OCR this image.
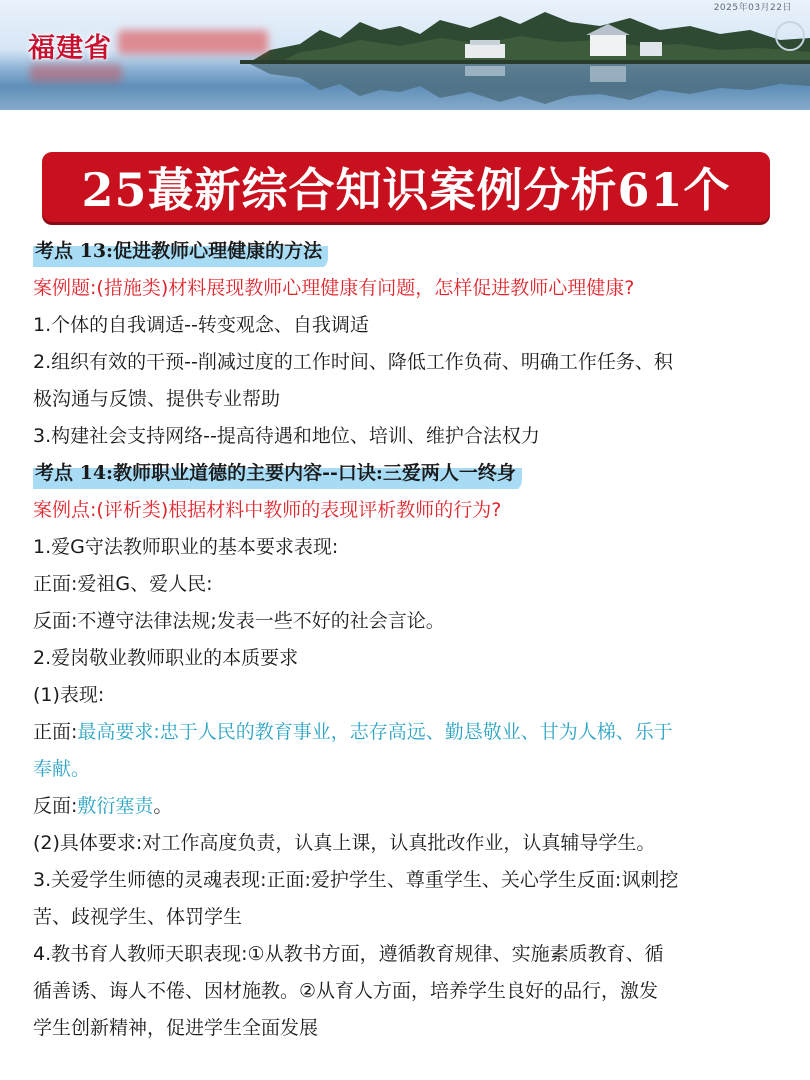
2025年03月22日
福建省
25蕞新综合知识案例分析61个
考点 13:促进教师心理健康的方法
案例题:(措施类)材料展现教师心理健康有问题，怎样促进教师心理健康?
1.个体的自我调适--转变观念、自我调适
2.组织有效的干预--削减过度的工作时间、降低工作负荷、明确工作任务、积
极沟通与反馈、提供专业帮助
3.构建社会支持网络--提高待遇和地位、培训、维护合法权力
考点 14:教师职业道德的主要内容--口诀:三爱两人一终身
案例点:(评析类)根据材料中教师的表现评析教师的行为?
1.爱G守法教师职业的基本要求表现:
正面:爱祖G、爱人民:
反面:不遵守法律法规;发表一些不好的社会言论。
2.爱岗敬业教师职业的本质要求
(1)表现:
正面:最高要求:忠于人民的教育事业，志存高远、勤恳敬业、甘为人梯、乐于
奉献。
反面:敷衍塞责。
(2)具体要求:对工作高度负责，认真上课，认真批改作业，认真辅导学生。
3.关爱学生师德的灵魂表现:正面:爱护学生、尊重学生、关心学生反面:讽刺挖
苦、歧视学生、体罚学生
4.教书育人教师天职表现:①从教书方面，遵循教育规律、实施素质教育、循
循善诱、诲人不倦、因材施教。②从育人方面，培养学生良好的品行，激发
学生创新精神，促进学生全面发展
